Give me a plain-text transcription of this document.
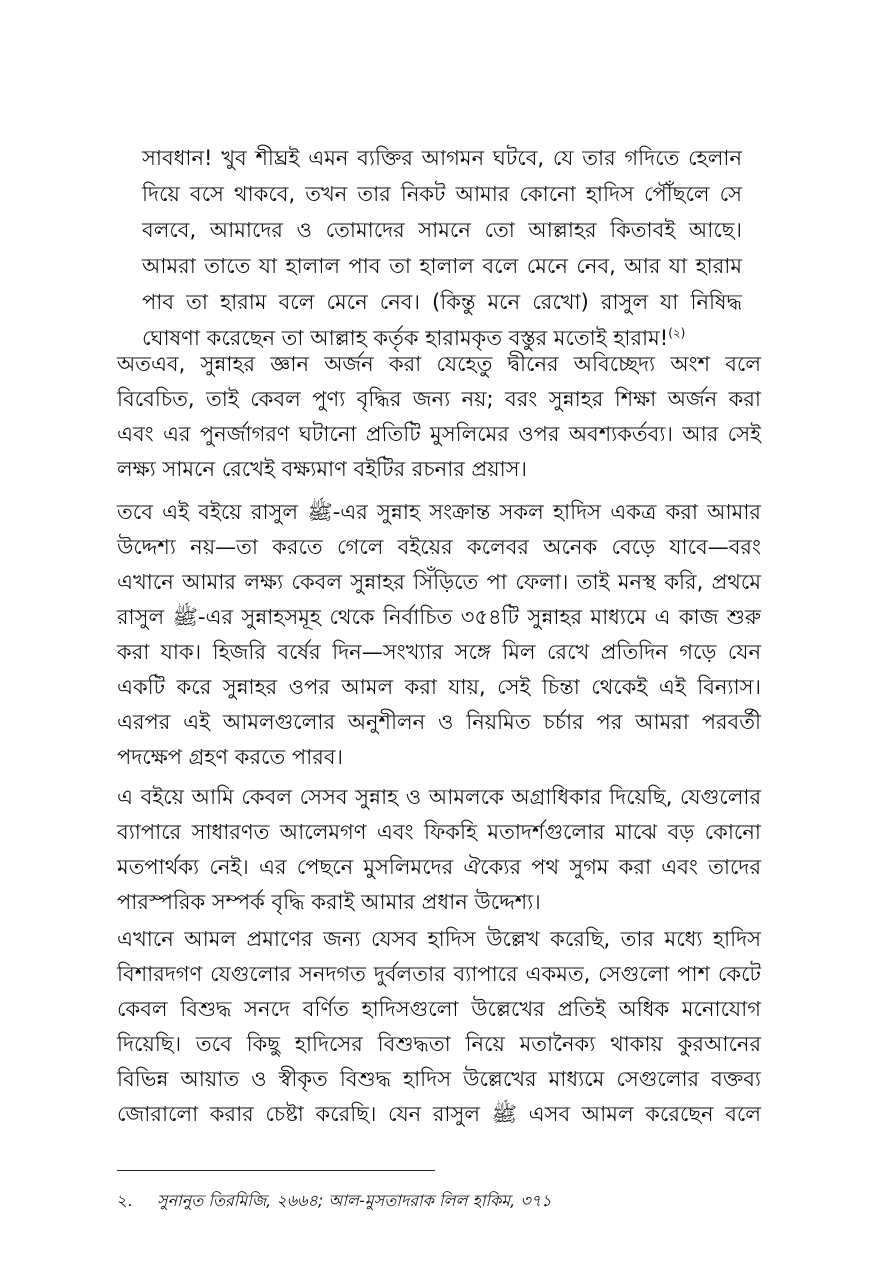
সাবধান! খুব শীঘ্রই এমন ব্যক্তির আগমন ঘটবে, যে তার গদিতে হেলান
দিয়ে বসে থাকবে, তখন তার নিকট আমার কোনো হাদিস পৌঁছলে সে
বলবে, আমাদের ও তোমাদের সামনে তো আল্লাহর কিতাবই আছে।
আমরা তাতে যা হালাল পাব তা হালাল বলে মেনে নেব, আর যা হারাম
পাব তা হারাম বলে মেনে নেব। (কিন্তু মনে রেখো) রাসুল যা নিষিদ্ধ
ঘোষণা করেছেন তা আল্লাহ কর্তৃক হারামকৃত বস্তুর মতোই হারাম!$^{(২)}$
অতএব, সুন্নাহর জ্ঞান অর্জন করা যেহেতু দ্বীনের অবিচ্ছেদ্য অংশ বলে
বিবেচিত, তাই কেবল পুণ্য বৃদ্ধির জন্য নয়; বরং সুন্নাহর শিক্ষা অর্জন করা
এবং এর পুনর্জাগরণ ঘটানো প্রতিটি মুসলিমের ওপর অবশ্যকর্তব্য। আর সেই
লক্ষ্য সামনে রেখেই বক্ষ্যমাণ বইটির রচনার প্রয়াস।
তবে এই বইয়ে রাসুল ﷺ-এর সুন্নাহ সংক্রান্ত সকল হাদিস একত্র করা আমার
উদ্দেশ্য নয়—তা করতে গেলে বইয়ের কলেবর অনেক বেড়ে যাবে—বরং
এখানে আমার লক্ষ্য কেবল সুন্নাহর সিঁড়িতে পা ফেলা। তাই মনস্থ করি, প্রথমে
রাসুল ﷺ-এর সুন্নাহসমূহ থেকে নির্বাচিত ৩৫৪টি সুন্নাহর মাধ্যমে এ কাজ শুরু
করা যাক। হিজরি বর্ষের দিন—সংখ্যার সঙ্গে মিল রেখে প্রতিদিন গড়ে যেন
একটি করে সুন্নাহর ওপর আমল করা যায়, সেই চিন্তা থেকেই এই বিন্যাস।
এরপর এই আমলগুলোর অনুশীলন ও নিয়মিত চর্চার পর আমরা পরবর্তী
পদক্ষেপ গ্রহণ করতে পারব।
এ বইয়ে আমি কেবল সেসব সুন্নাহ ও আমলকে অগ্রাধিকার দিয়েছি, যেগুলোর
ব্যাপারে সাধারণত আলেমগণ এবং ফিকহি মতাদর্শগুলোর মাঝে বড় কোনো
মতপার্থক্য নেই। এর পেছনে মুসলিমদের ঐক্যের পথ সুগম করা এবং তাদের
পারস্পরিক সম্পর্ক বৃদ্ধি করাই আমার প্রধান উদ্দেশ্য।
এখানে আমল প্রমাণের জন্য যেসব হাদিস উল্লেখ করেছি, তার মধ্যে হাদিস
বিশারদগণ যেগুলোর সনদগত দুর্বলতার ব্যাপারে একমত, সেগুলো পাশ কেটে
কেবল বিশুদ্ধ সনদে বর্ণিত হাদিসগুলো উল্লেখের প্রতিই অধিক মনোযোগ
দিয়েছি। তবে কিছু হাদিসের বিশুদ্ধতা নিয়ে মতানৈক্য থাকায় কুরআনের
বিভিন্ন আয়াত ও স্বীকৃত বিশুদ্ধ হাদিস উল্লেখের মাধ্যমে সেগুলোর বক্তব্য
জোরালো করার চেষ্টা করেছি। যেন রাসুল ﷺ এসব আমল করেছেন বলে
২. সুনানুত তিরমিজি, ২৬৬৪; আল-মুসতাদরাক লিল হাকিম, ৩৭১
